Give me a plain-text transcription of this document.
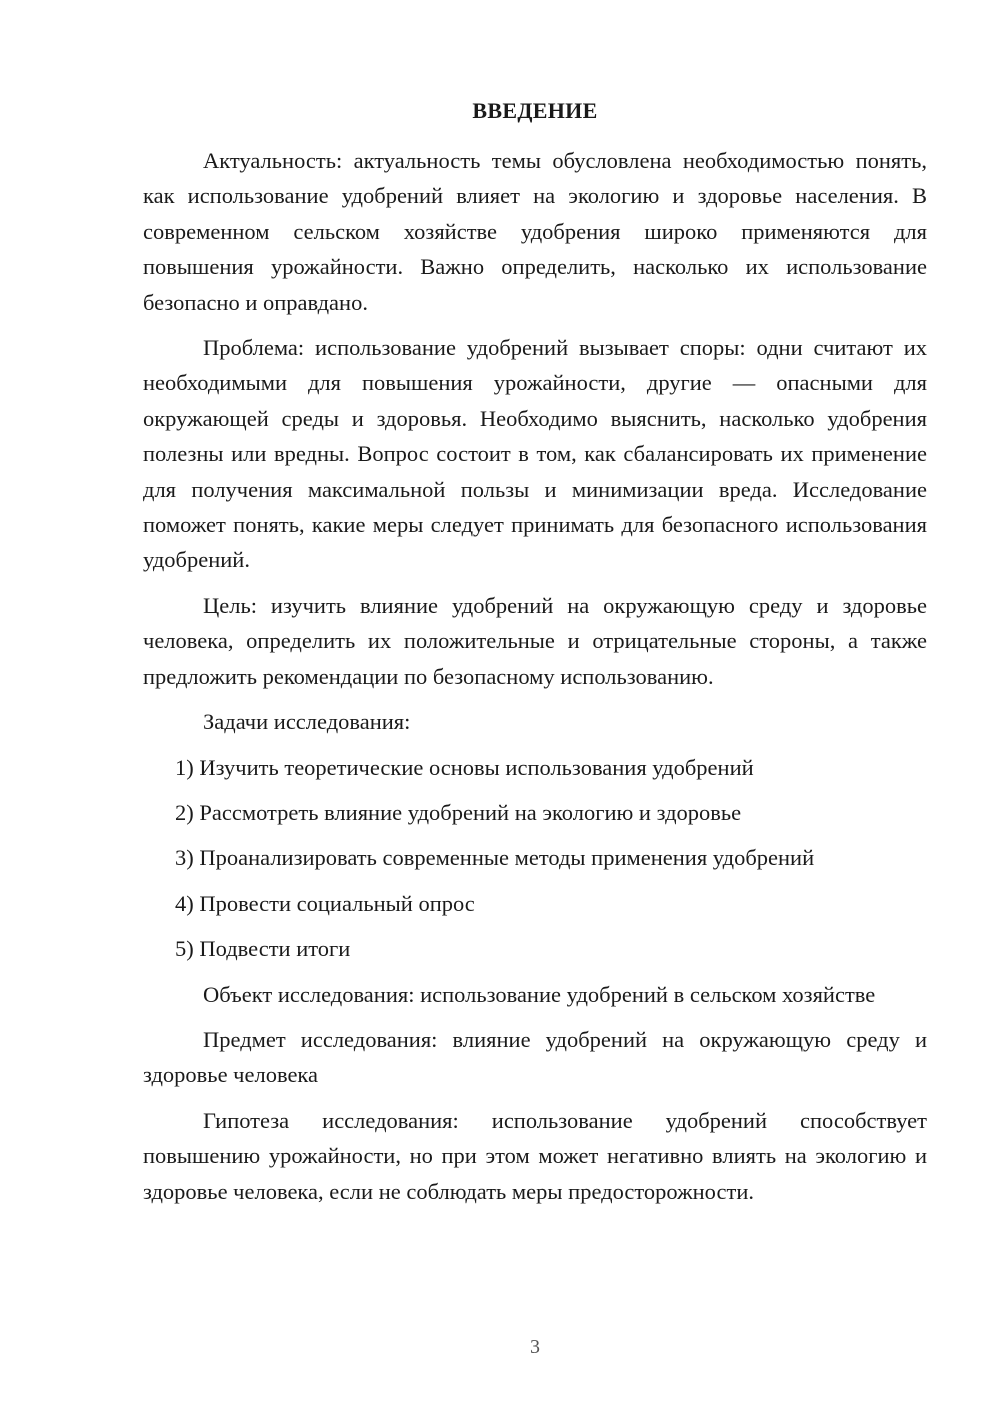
ВВЕДЕНИЕ

Актуальность: актуальность темы обусловлена необходимостью понять, как использование удобрений влияет на экологию и здоровье населения. В современном сельском хозяйстве удобрения широко применяются для повышения урожайности. Важно определить, насколько их использование безопасно и оправдано.

Проблема: использование удобрений вызывает споры: одни считают их необходимыми для повышения урожайности, другие — опасными для окружающей среды и здоровья. Необходимо выяснить, насколько удобрения полезны или вредны. Вопрос состоит в том, как сбалансировать их применение для получения максимальной пользы и минимизации вреда. Исследование поможет понять, какие меры следует принимать для безопасного использования удобрений.

Цель: изучить влияние удобрений на окружающую среду и здоровье человека, определить их положительные и отрицательные стороны, а также предложить рекомендации по безопасному использованию.

Задачи исследования:

1) Изучить теоретические основы использования удобрений

2) Рассмотреть влияние удобрений на экологию и здоровье

3) Проанализировать современные методы применения удобрений

4) Провести социальный опрос

5) Подвести итоги

Объект исследования: использование удобрений в сельском хозяйстве

Предмет исследования: влияние удобрений на окружающую среду и здоровье человека

Гипотеза исследования: использование удобрений способствует повышению урожайности, но при этом может негативно влиять на экологию и здоровье человека, если не соблюдать меры предосторожности.

3
